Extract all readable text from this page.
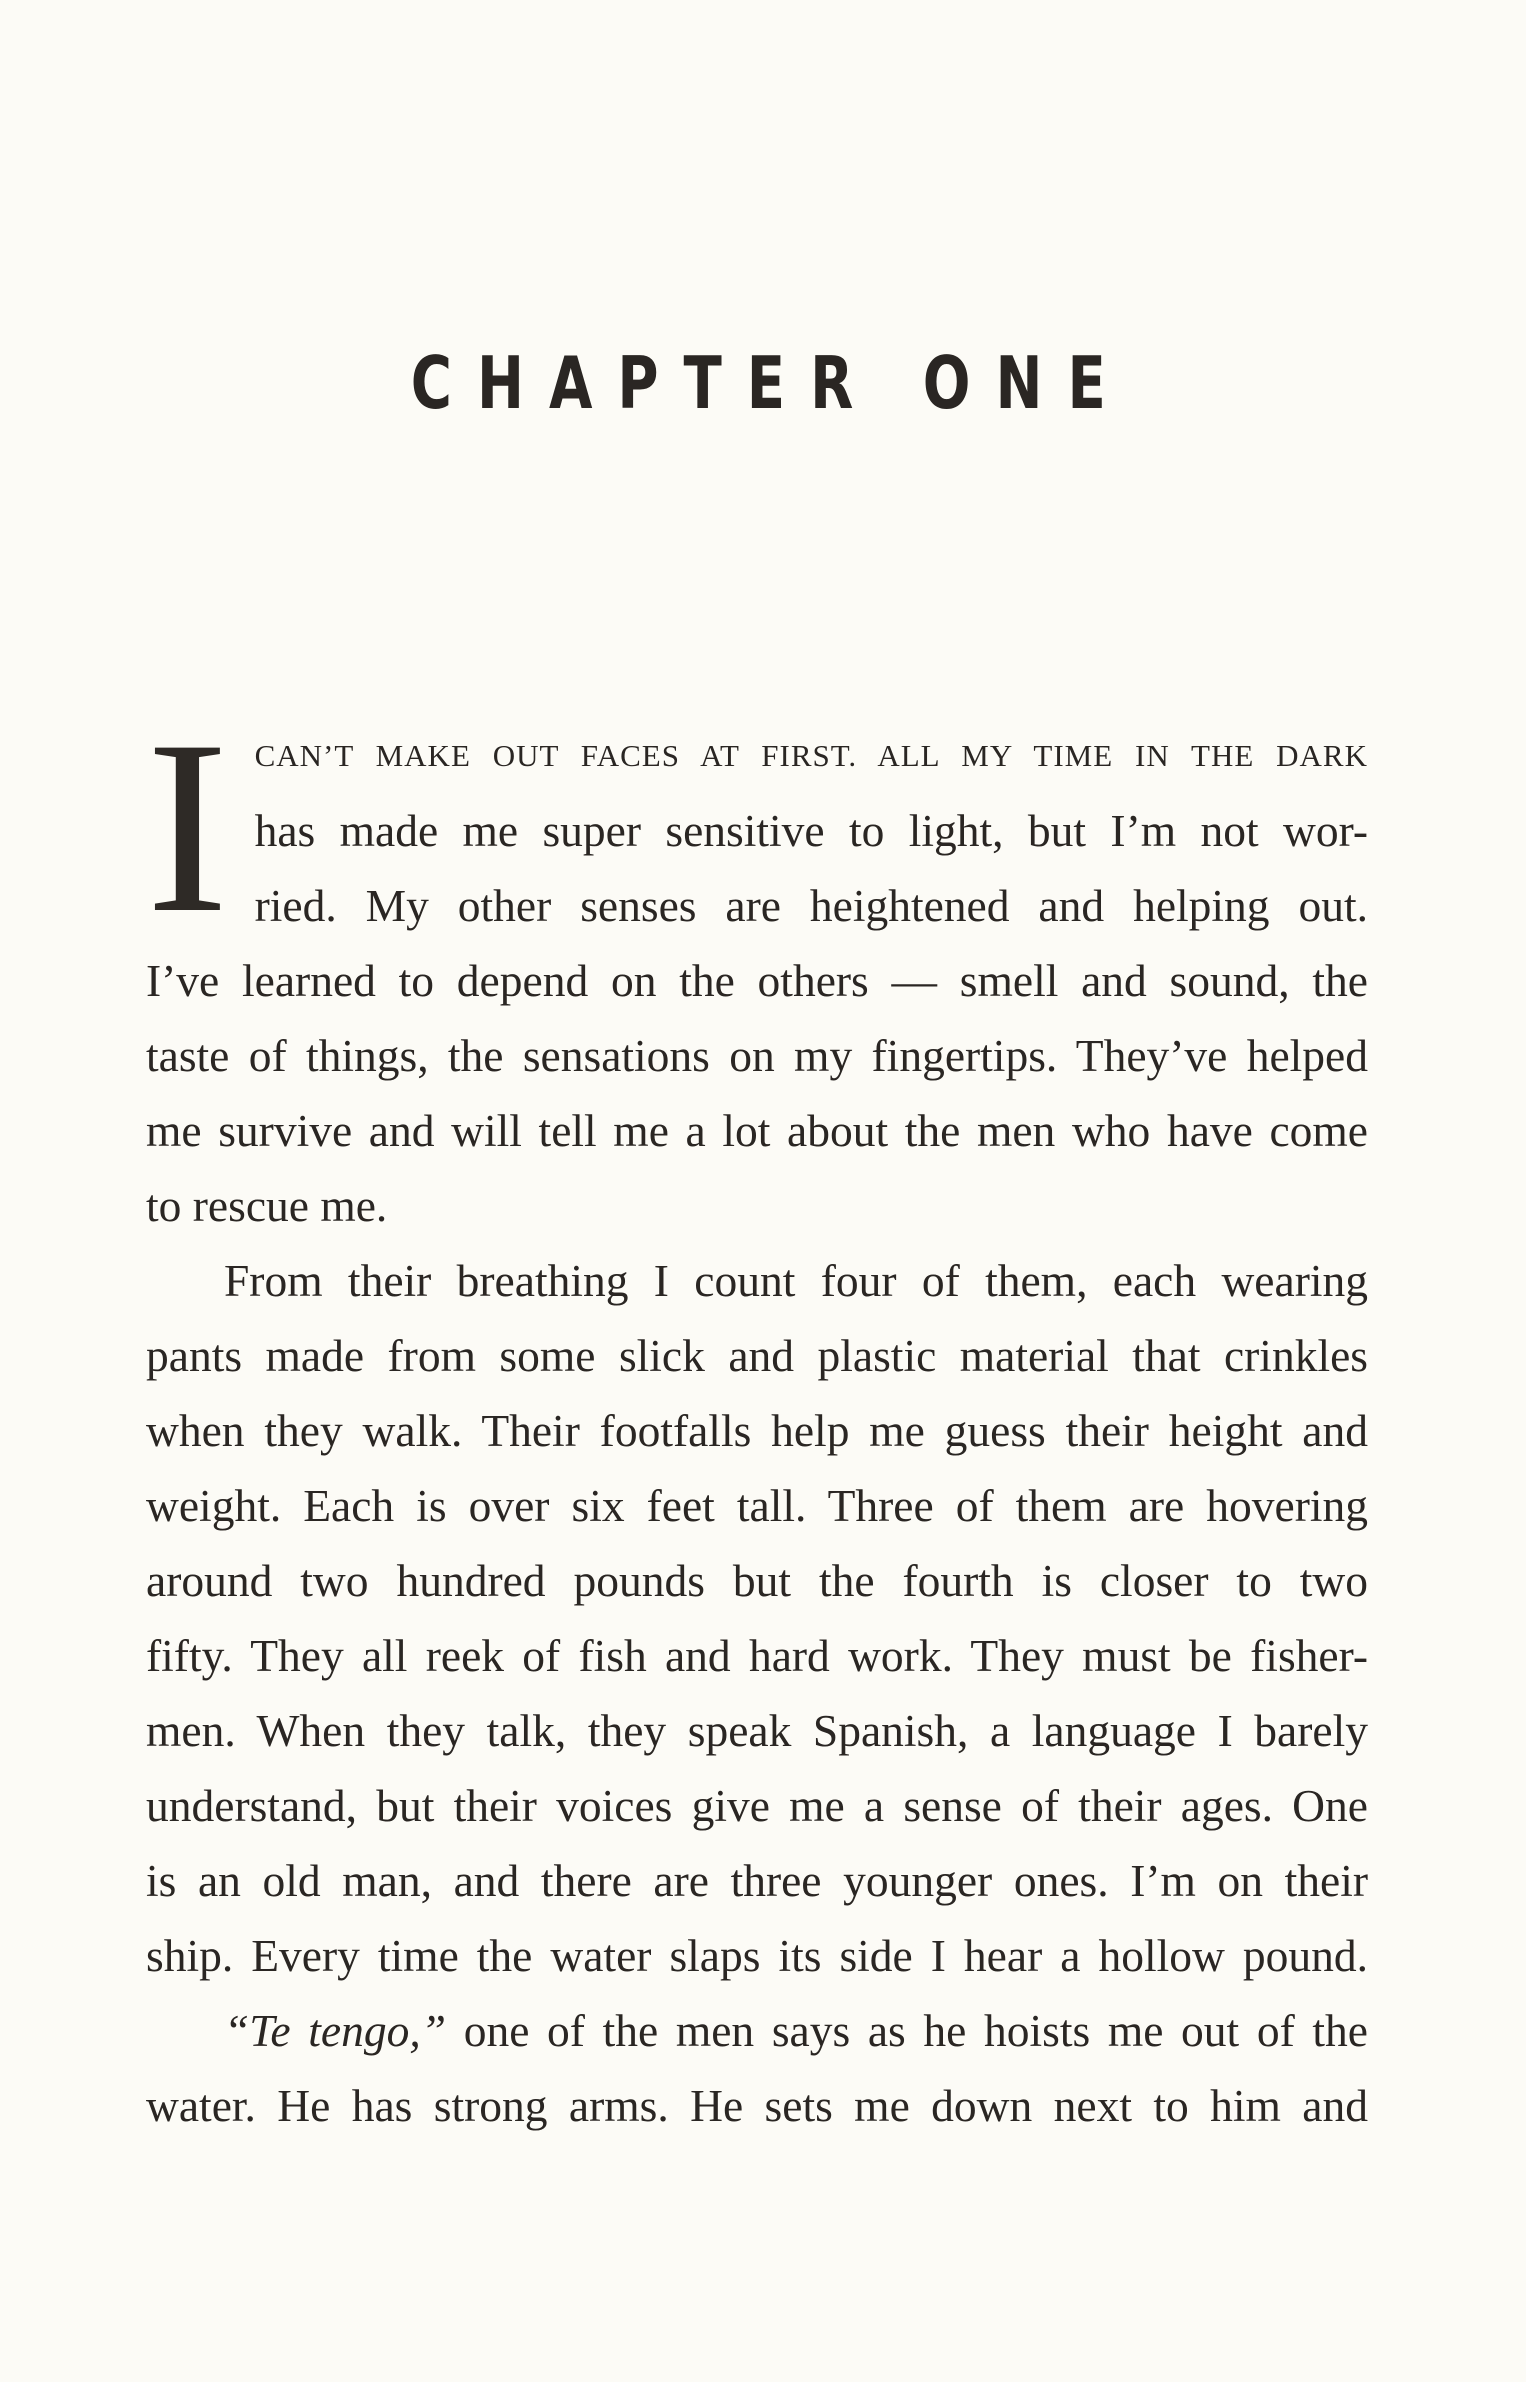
CHAPTER ONE
I CAN’T MAKE OUT FACES AT FIRST. ALL MY TIME IN THE DARK
has made me super sensitive to light, but I’m not wor-
ried. My other senses are heightened and helping out.
I’ve learned to depend on the others — smell and sound, the
taste of things, the sensations on my fingertips. They’ve helped
me survive and will tell me a lot about the men who have come
to rescue me.
From their breathing I count four of them, each wearing
pants made from some slick and plastic material that crinkles
when they walk. Their footfalls help me guess their height and
weight. Each is over six feet tall. Three of them are hovering
around two hundred pounds but the fourth is closer to two
fifty. They all reek of fish and hard work. They must be fisher-
men. When they talk, they speak Spanish, a language I barely
understand, but their voices give me a sense of their ages. One
is an old man, and there are three younger ones. I’m on their
ship. Every time the water slaps its side I hear a hollow pound.
“Te tengo,” one of the men says as he hoists me out of the
water. He has strong arms. He sets me down next to him and
